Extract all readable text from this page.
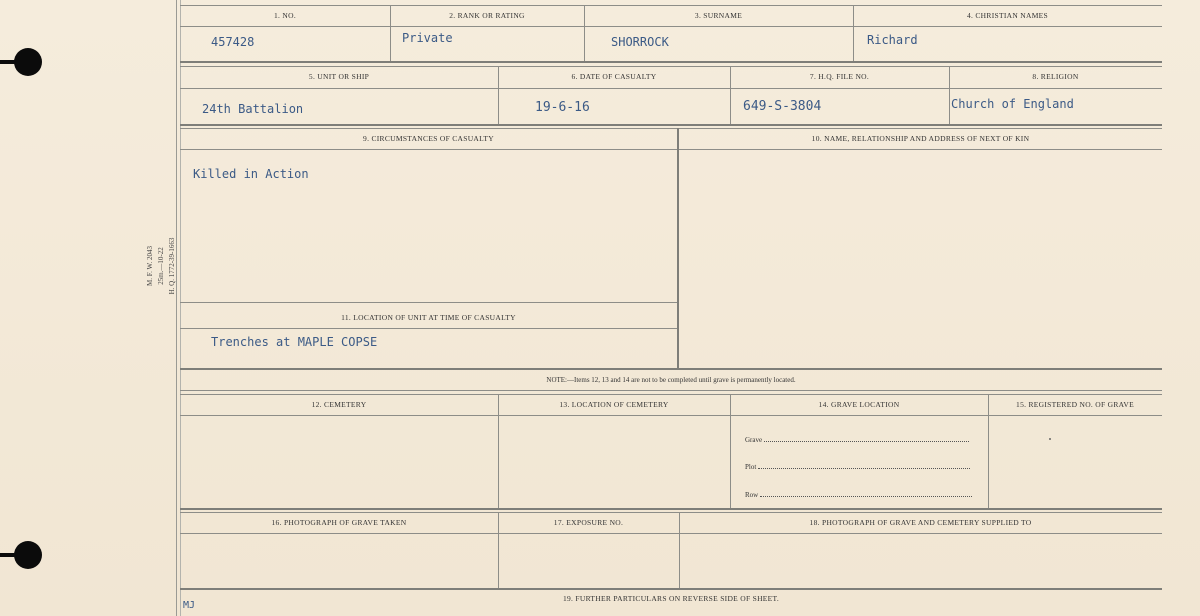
M. F. W. 2043 25m.—10-22 H. Q. 1772-39-1663
1. NO.	2. RANK OR RATING	3. SURNAME	4. CHRISTIAN NAMES
457428	Private	SHORROCK	Richard
5. UNIT OR SHIP	6. DATE OF CASUALTY	7. H.Q. FILE NO.	8. RELIGION
24th Battalion	19-6-16	649-S-3804	Church of England
9. CIRCUMSTANCES OF CASUALTY	10. NAME, RELATIONSHIP AND ADDRESS OF NEXT OF KIN
Killed in Action
11. LOCATION OF UNIT AT TIME OF CASUALTY
Trenches at MAPLE COPSE
NOTE:—Items 12, 13 and 14 are not to be completed until grave is permanently located.
12. CEMETERY	13. LOCATION OF CEMETERY	14. GRAVE LOCATION	15. REGISTERED NO. OF GRAVE
Grave
Plot
Row
16. PHOTOGRAPH OF GRAVE TAKEN	17. EXPOSURE NO.	18. PHOTOGRAPH OF GRAVE AND CEMETERY SUPPLIED TO
19. FURTHER PARTICULARS ON REVERSE SIDE OF SHEET.
MJ
